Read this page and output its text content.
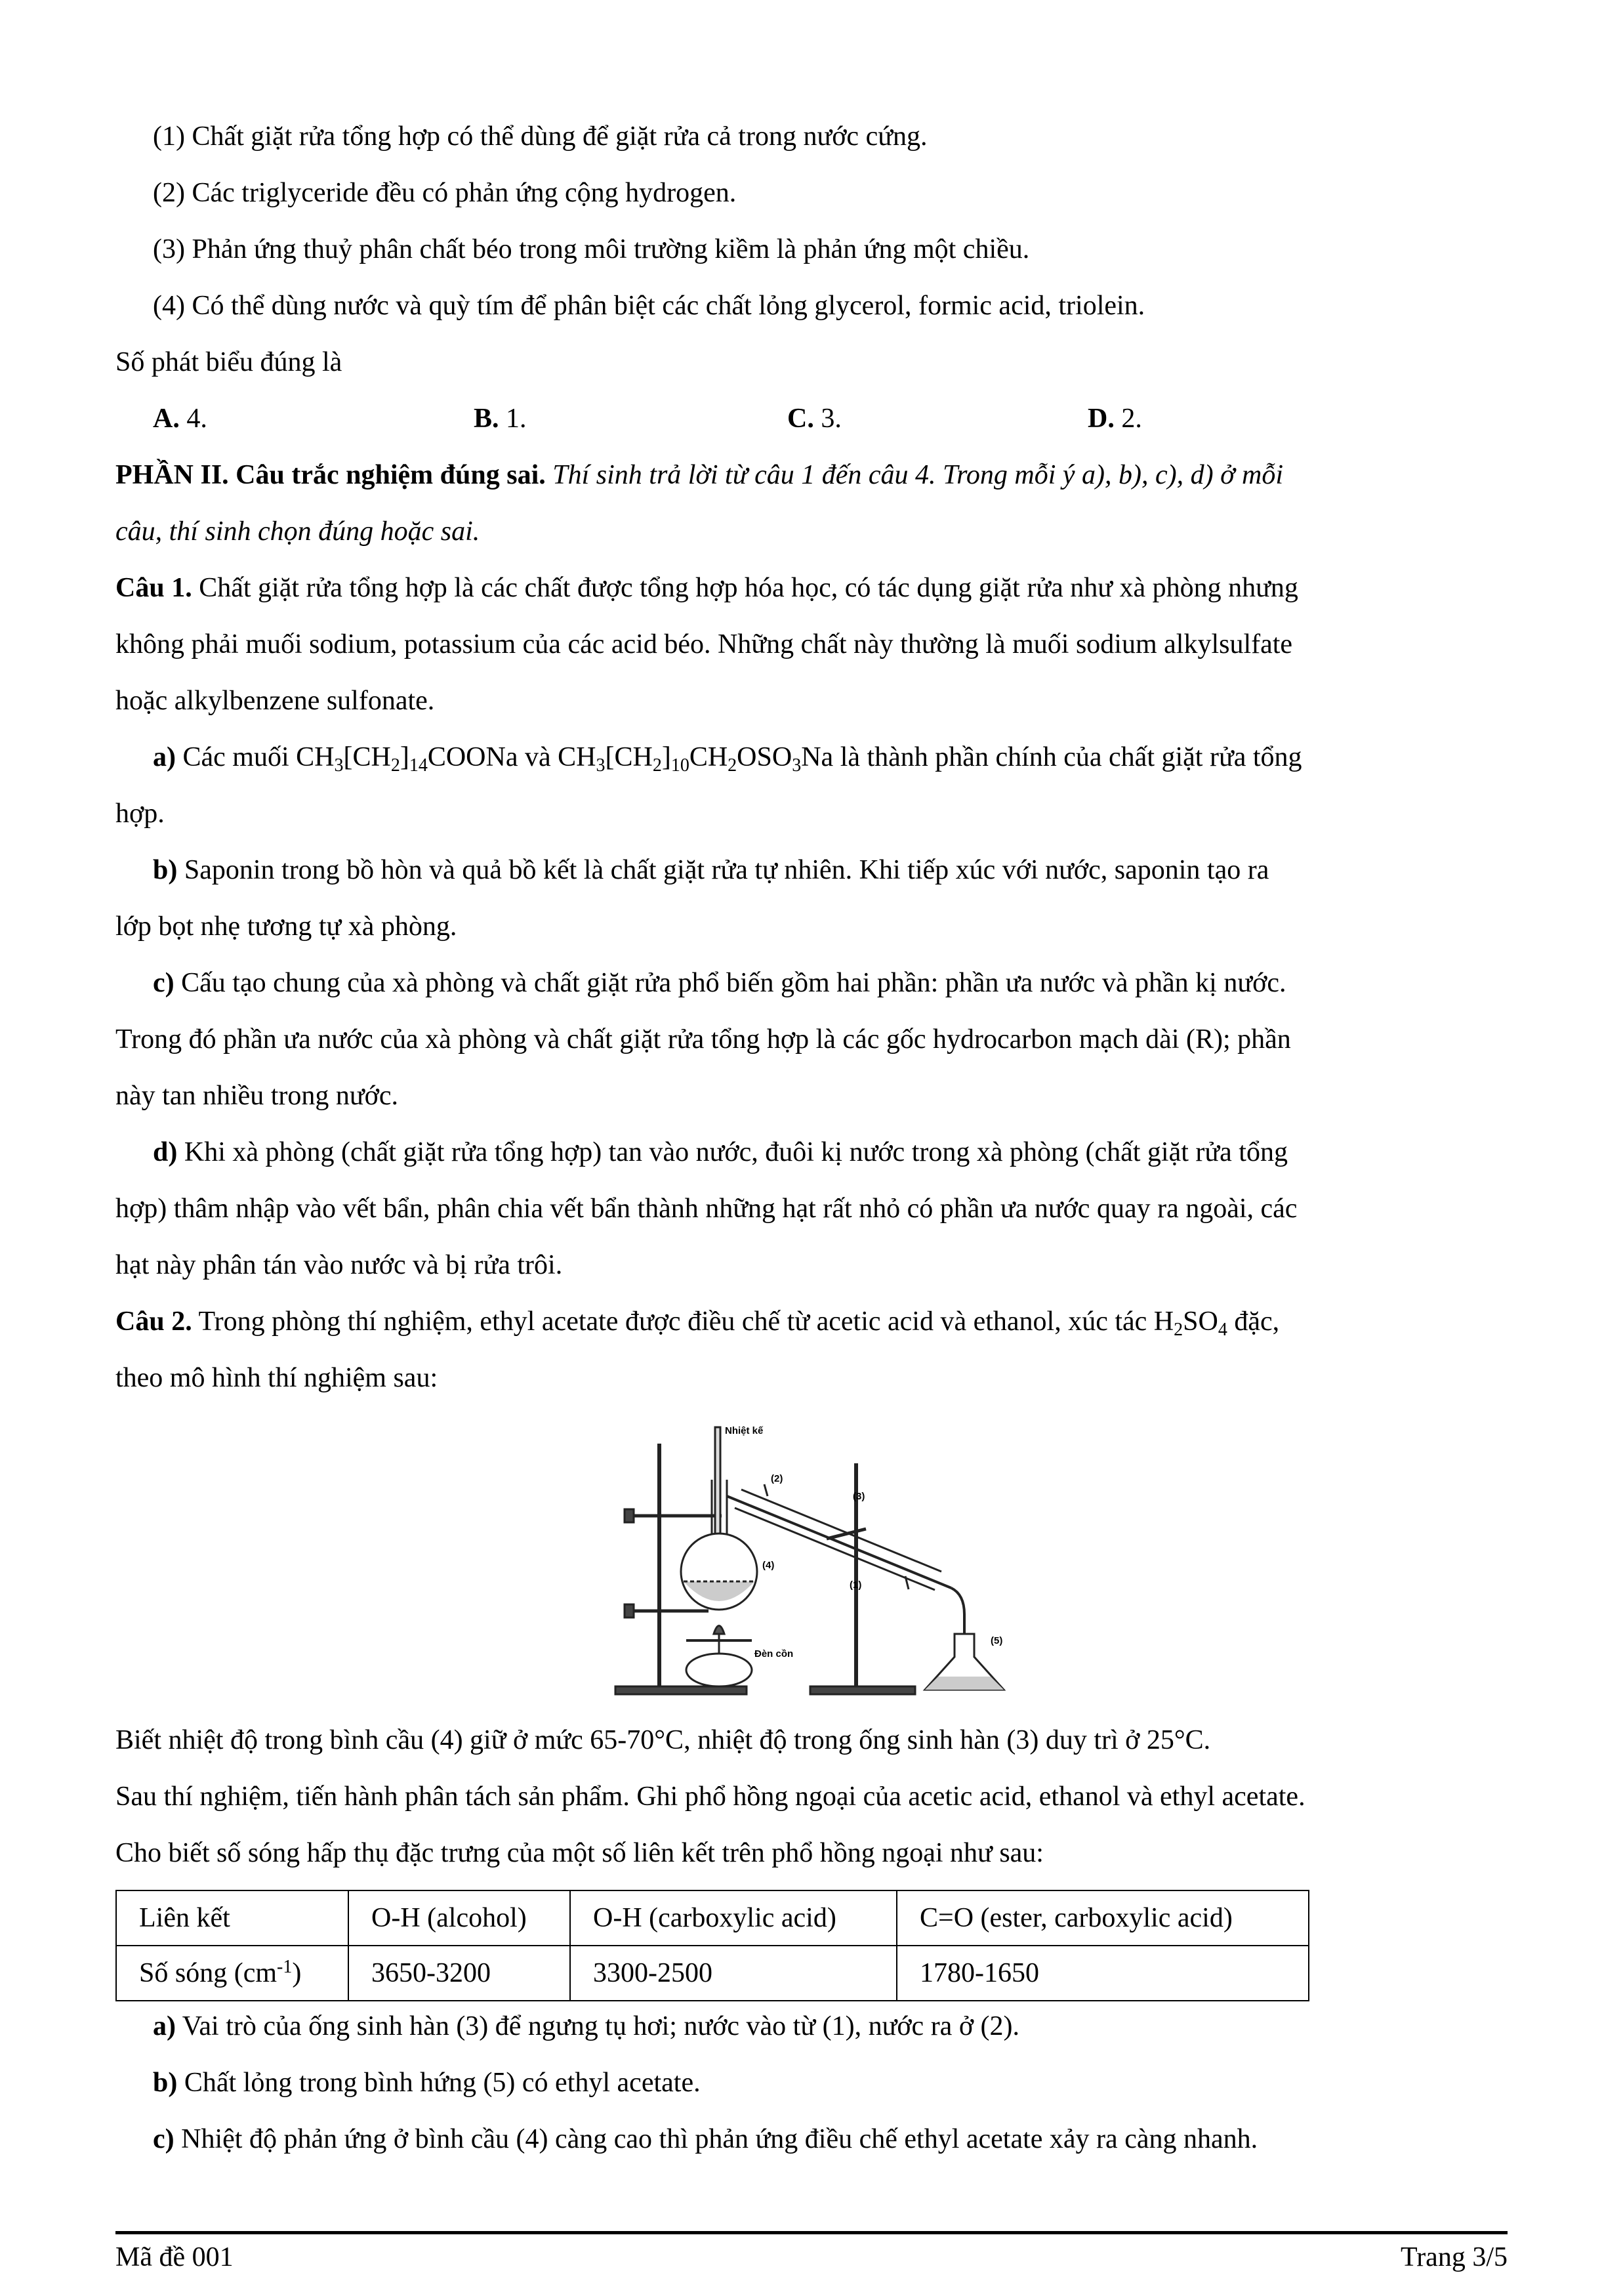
(1) Chất giặt rửa tổng hợp có thể dùng để giặt rửa cả trong nước cứng.
(2) Các triglyceride đều có phản ứng cộng hydrogen.
(3) Phản ứng thuỷ phân chất béo trong môi trường kiềm là phản ứng một chiều.
(4) Có thể dùng nước và quỳ tím để phân biệt các chất lỏng glycerol, formic acid, triolein.
Số phát biểu đúng là
A. 4.	B. 1.	C. 3.	D. 2.
PHẦN II. Câu trắc nghiệm đúng sai. Thí sinh trả lời từ câu 1 đến câu 4. Trong mỗi ý a), b), c), d) ở mỗi
câu, thí sinh chọn đúng hoặc sai.
Câu 1. Chất giặt rửa tổng hợp là các chất được tổng hợp hóa học, có tác dụng giặt rửa như xà phòng nhưng
không phải muối sodium, potassium của các acid béo. Những chất này thường là muối sodium alkylsulfate
hoặc alkylbenzene sulfonate.
a) Các muối $CH_3[CH_2]_{14}COONa$ và $CH_3[CH_2]_{10}CH_2OSO_3Na$ là thành phần chính của chất giặt rửa tổng
hợp.
b) Saponin trong bồ hòn và quả bồ kết là chất giặt rửa tự nhiên. Khi tiếp xúc với nước, saponin tạo ra
lớp bọt nhẹ tương tự xà phòng.
c) Cấu tạo chung của xà phòng và chất giặt rửa phổ biến gồm hai phần: phần ưa nước và phần kị nước.
Trong đó phần ưa nước của xà phòng và chất giặt rửa tổng hợp là các gốc hydrocarbon mạch dài (R); phần
này tan nhiều trong nước.
d) Khi xà phòng (chất giặt rửa tổng hợp) tan vào nước, đuôi kị nước trong xà phòng (chất giặt rửa tổng
hợp) thâm nhập vào vết bẩn, phân chia vết bẩn thành những hạt rất nhỏ có phần ưa nước quay ra ngoài, các
hạt này phân tán vào nước và bị rửa trôi.
Câu 2. Trong phòng thí nghiệm, ethyl acetate được điều chế từ acetic acid và ethanol, xúc tác $H_2SO_4$ đặc,
theo mô hình thí nghiệm sau:
Nhiệt kế
(2)
(3)
(4)
(1)
Đèn cồn
(5)
Biết nhiệt độ trong bình cầu (4) giữ ở mức 65-70°C, nhiệt độ trong ống sinh hàn (3) duy trì ở 25°C.
Sau thí nghiệm, tiến hành phân tách sản phẩm. Ghi phổ hồng ngoại của acetic acid, ethanol và ethyl acetate.
Cho biết số sóng hấp thụ đặc trưng của một số liên kết trên phổ hồng ngoại như sau:
Liên kết	O-H (alcohol)	O-H (carboxylic acid)	C=O (ester, carboxylic acid)
Số sóng $(cm^{-1})$	3650-3200	3300-2500	1780-1650
a) Vai trò của ống sinh hàn (3) để ngưng tụ hơi; nước vào từ (1), nước ra ở (2).
b) Chất lỏng trong bình hứng (5) có ethyl acetate.
c) Nhiệt độ phản ứng ở bình cầu (4) càng cao thì phản ứng điều chế ethyl acetate xảy ra càng nhanh.
Mã đề 001	Trang 3/5
